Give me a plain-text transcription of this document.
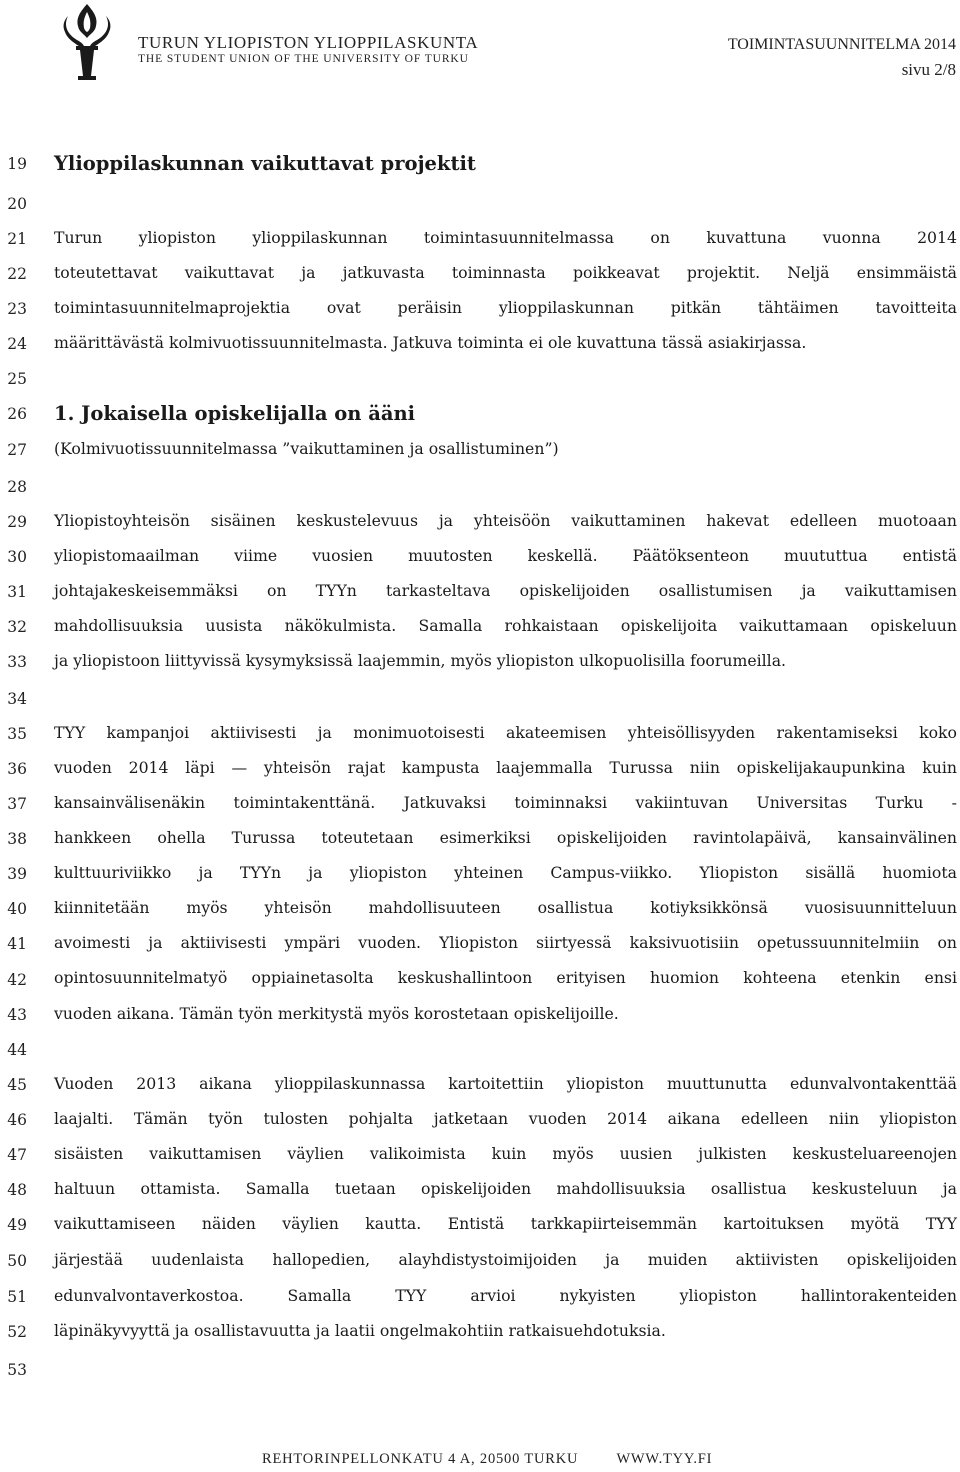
TURUN YLIOPISTON YLIOPPILASKUNTA
THE STUDENT UNION OF THE UNIVERSITY OF TURKU
TOIMINTASUUNNITELMA 2014
sivu 2/8
19
20
21
22
23
24
25
26
27
28
29
30
31
32
33
34
35
36
37
38
39
40
41
42
43
44
45
46
47
48
49
50
51
52
53
Ylioppilaskunnan vaikuttavat projektit
Turun yliopiston ylioppilaskunnan toimintasuunnitelmassa on kuvattuna vuonna 2014
toteutettavat vaikuttavat ja jatkuvasta toiminnasta poikkeavat projektit. Neljä ensimmäistä
toimintasuunnitelmaprojektia ovat peräisin ylioppilaskunnan pitkän tähtäimen tavoitteita
määrittävästä kolmivuotissuunnitelmasta. Jatkuva toiminta ei ole kuvattuna tässä asiakirjassa.
1. Jokaisella opiskelijalla on ääni
(Kolmivuotissuunnitelmassa ”vaikuttaminen ja osallistuminen”)
Yliopistoyhteisön sisäinen keskustelevuus ja yhteisöön vaikuttaminen hakevat edelleen muotoaan
yliopistomaailman viime vuosien muutosten keskellä. Päätöksenteon muututtua entistä
johtajakeskeisemmäksi on TYYn tarkasteltava opiskelijoiden osallistumisen ja vaikuttamisen
mahdollisuuksia uusista näkökulmista. Samalla rohkaistaan opiskelijoita vaikuttamaan opiskeluun
ja yliopistoon liittyvissä kysymyksissä laajemmin, myös yliopiston ulkopuolisilla foorumeilla.
TYY kampanjoi aktiivisesti ja monimuotoisesti akateemisen yhteisöllisyyden rakentamiseksi koko
vuoden 2014 läpi — yhteisön rajat kampusta laajemmalla Turussa niin opiskelijakaupunkina kuin
kansainvälisenäkin toimintakenttänä. Jatkuvaksi toiminnaksi vakiintuvan Universitas Turku -
hankkeen ohella Turussa toteutetaan esimerkiksi opiskelijoiden ravintolapäivä, kansainvälinen
kulttuuriviikko ja TYYn ja yliopiston yhteinen Campus-viikko. Yliopiston sisällä huomiota
kiinnitetään myös yhteisön mahdollisuuteen osallistua kotiyksikkönsä vuosisuunnitteluun
avoimesti ja aktiivisesti ympäri vuoden. Yliopiston siirtyessä kaksivuotisiin opetussuunnitelmiin on
opintosuunnitelmatyö oppiainetasolta keskushallintoon erityisen huomion kohteena etenkin ensi
vuoden aikana. Tämän työn merkitystä myös korostetaan opiskelijoille.
Vuoden 2013 aikana ylioppilaskunnassa kartoitettiin yliopiston muuttunutta edunvalvontakenttää
laajalti. Tämän työn tulosten pohjalta jatketaan vuoden 2014 aikana edelleen niin yliopiston
sisäisten vaikuttamisen väylien valikoimista kuin myös uusien julkisten keskusteluareenojen
haltuun ottamista. Samalla tuetaan opiskelijoiden mahdollisuuksia osallistua keskusteluun ja
vaikuttamiseen näiden väylien kautta. Entistä tarkkapiirteisemmän kartoituksen myötä TYY
järjestää uudenlaista hallopedien, alayhdistystoimijoiden ja muiden aktiivisten opiskelijoiden
edunvalvontaverkostoa. Samalla TYY arvioi nykyisten yliopiston hallintorakenteiden
läpinäkyvyyttä ja osallistavuutta ja laatii ongelmakohtiin ratkaisuehdotuksia.
REHTORINPELLONKATU 4 A, 20500 TURKU	WWW.TYY.FI
